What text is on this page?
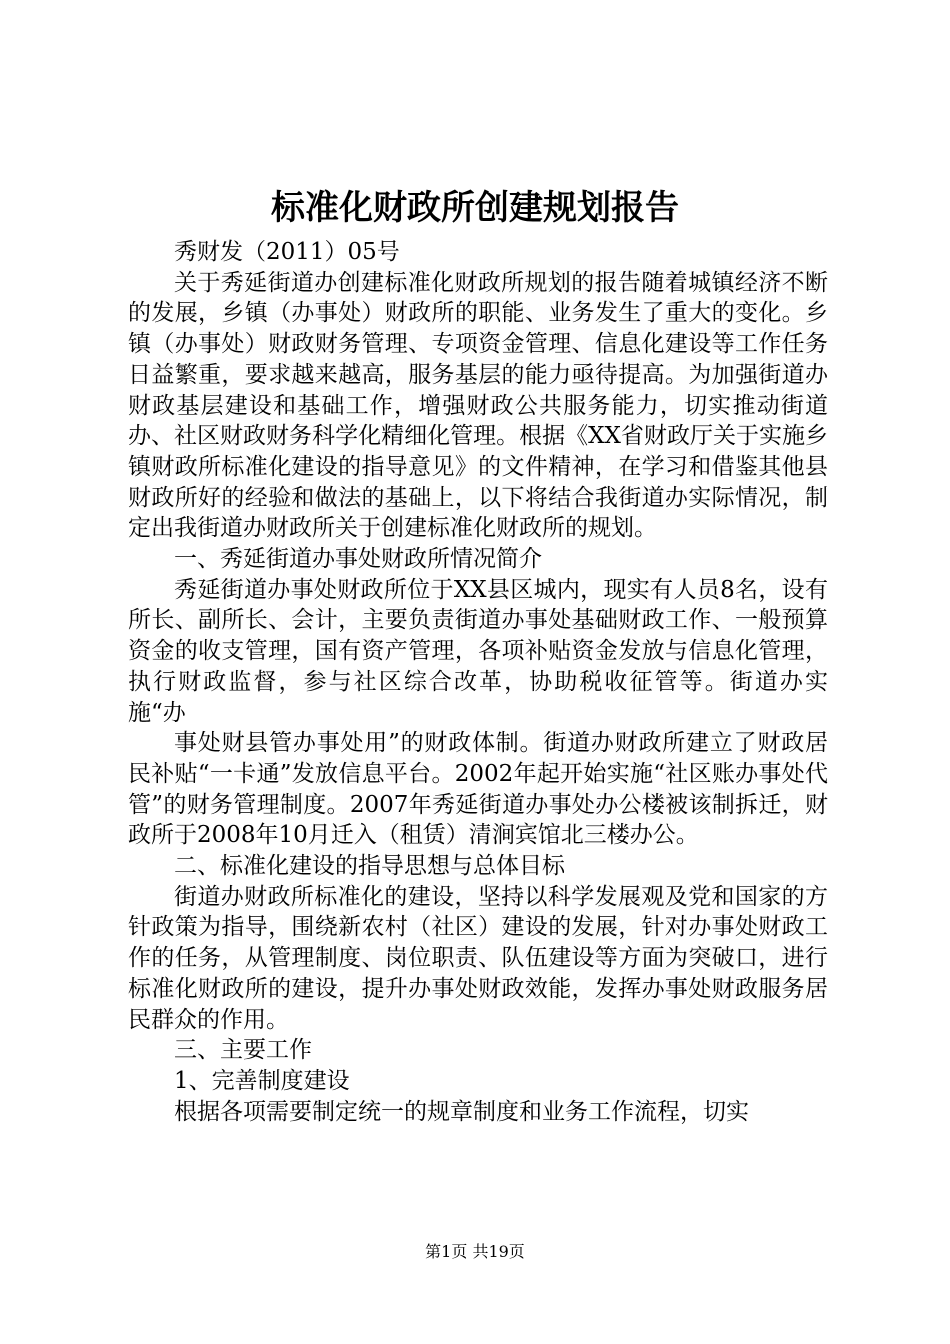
标准化财政所创建规划报告

秀财发（2011）05号

关于秀延街道办创建标准化财政所规划的报告随着城镇经济不断的发展，乡镇（办事处）财政所的职能、业务发生了重大的变化。乡镇（办事处）财政财务管理、专项资金管理、信息化建设等工作任务日益繁重，要求越来越高，服务基层的能力亟待提高。为加强街道办财政基层建设和基础工作，增强财政公共服务能力，切实推动街道办、社区财政财务科学化精细化管理。根据《XX省财政厅关于实施乡镇财政所标准化建设的指导意见》的文件精神，在学习和借鉴其他县财政所好的经验和做法的基础上，以下将结合我街道办实际情况，制定出我街道办财政所关于创建标准化财政所的规划。

一、秀延街道办事处财政所情况简介

秀延街道办事处财政所位于XX县区城内，现实有人员8名，设有所长、副所长、会计，主要负责街道办事处基础财政工作、一般预算资金的收支管理，国有资产管理，各项补贴资金发放与信息化管理，执行财政监督，参与社区综合改革，协助税收征管等。街道办实施“办

事处财县管办事处用”的财政体制。街道办财政所建立了财政居民补贴“一卡通”发放信息平台。2002年起开始实施“社区账办事处代管”的财务管理制度。2007年秀延街道办事处办公楼被该制拆迁，财政所于2008年10月迁入（租赁）清涧宾馆北三楼办公。

二、标准化建设的指导思想与总体目标

街道办财政所标准化的建设，坚持以科学发展观及党和国家的方针政策为指导，围绕新农村（社区）建设的发展，针对办事处财政工作的任务，从管理制度、岗位职责、队伍建设等方面为突破口，进行标准化财政所的建设，提升办事处财政效能，发挥办事处财政服务居民群众的作用。

三、主要工作

1、完善制度建设

根据各项需要制定统一的规章制度和业务工作流程，切实

第1页 共19页
